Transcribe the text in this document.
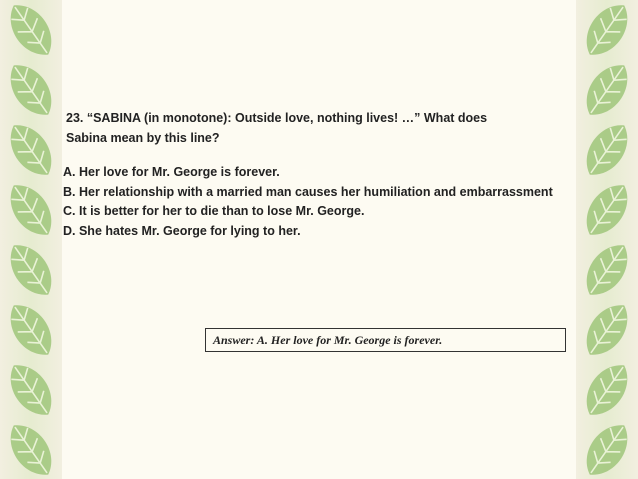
23. “SABINA (in monotone): Outside love, nothing lives! …” What does
Sabina mean by this line?
A. Her love for Mr. George is forever.
B. Her relationship with a married man causes her humiliation and embarrassment
C. It is better for her to die than to lose Mr. George.
D. She hates Mr. George for lying to her.
Answer: A. Her love for Mr. George is forever.
